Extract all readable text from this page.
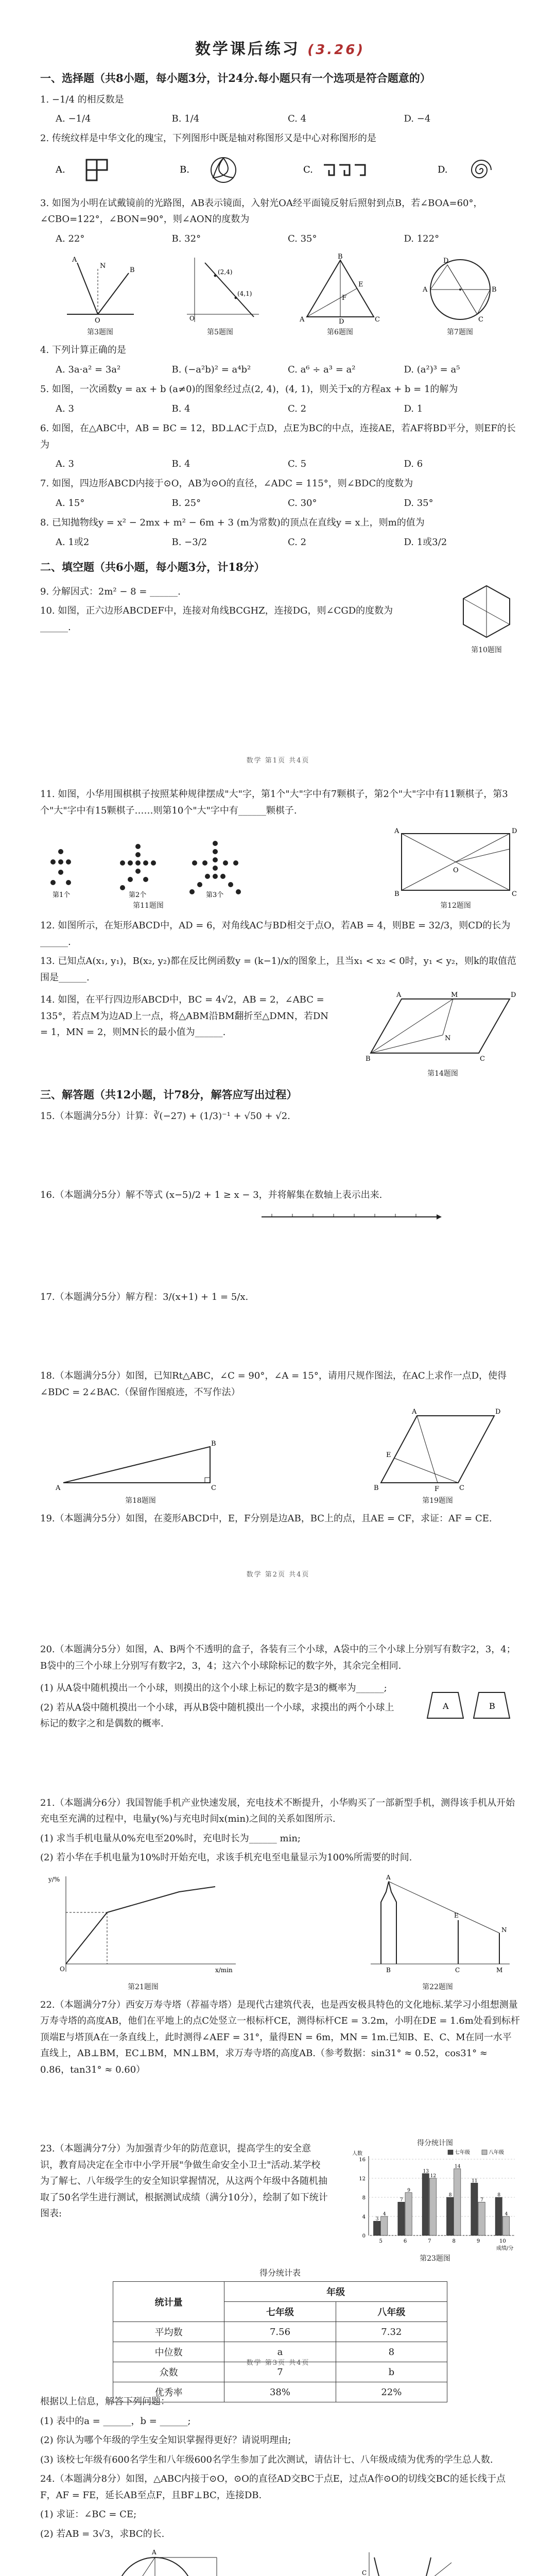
数学课后练习 (3.26)
一、选择题（共8小题，每小题3分，计24分.每小题只有一个选项是符合题意的）
1. −1/4 的相反数是
A. −1/4	B. 1/4	C. 4	D. −4
2. 传统纹样是中华文化的瑰宝，下列图形中既是轴对称图形又是中心对称图形的是
A.	B.	C.	D.
3. 如图为小明在试戴镜前的光路图，AB表示镜面，入射光OA经平面镜反射后照射到点B，若∠BOA=60°，∠CBO=122°，∠BON=90°，则∠AON的度数为
A. 22°	B. 32°	C. 35°	D. 122°
O
A
B
N
第3题图
(2,4)
(4,1)
O
第5题图
B
A	C
D
E
F
第6题图
A	B
D
C
第7题图
4. 下列计算正确的是
A. 3a·a² = 3a²	B. (−a²b)² = a⁴b²	C. a⁶ ÷ a³ = a²	D. (a²)³ = a⁵
5. 如图，一次函数y = ax + b (a≠0)的图象经过点(2, 4)，(4, 1)，则关于x的方程ax + b = 1的解为
A. 3	B. 4	C. 2	D. 1
6. 如图，在△ABC中，AB = BC = 12，BD⊥AC于点D，点E为BC的中点，连接AE，若AF将BD平分，则EF的长为
A. 3	B. 4	C. 5	D. 6
7. 如图，四边形ABCD内接于⊙O，AB为⊙O的直径，∠ADC = 115°，则∠BDC的度数为
A. 15°	B. 25°	C. 30°	D. 35°
8. 已知抛物线y = x² − 2mx + m² − 6m + 3 (m为常数)的顶点在直线y = x上，则m的值为
A. 1或2	B. −3/2	C. 2	D. 1或3/2
二、填空题（共6小题，每小题3分，计18分）
9. 分解因式：2m² − 8 = ______.
10. 如图，正六边形ABCDEF中，连接对角线BCGHZ，连接DG，则∠CGD的度数为______.
第10题图
数学 第1页 共4页
11. 如图，小华用围棋棋子按照某种规律摆成"大"字，第1个"大"字中有7颗棋子，第2个"大"字中有11颗棋子，第3个"大"字中有15颗棋子……则第10个"大"字中有______颗棋子.
第1个	第2个	第3个
第11题图
A	D
B	C
O
第12题图
12. 如图所示，在矩形ABCD中，AD = 6，对角线AC与BD相交于点O，若AB = 4，则BE = 32/3，则CD的长为______.
13. 已知点A(x₁, y₁)，B(x₂, y₂)都在反比例函数y = (k−1)/x的图象上，且当x₁ < x₂ < 0时，y₁ < y₂，则k的取值范围是______.
14. 如图，在平行四边形ABCD中，BC = 4√2，AB = 2，∠ABC = 135°，若点M为边AD上一点，将△ABM沿BM翻折至△DMN，若DN = 1，MN = 2，则MN长的最小值为______.
A	M	D
B	C
N
第14题图
三、解答题（共12小题，计78分，解答应写出过程）
15.（本题满分5分）计算：∛(−27) + (1/3)⁻¹ + √50 + √2.
16.（本题满分5分）解不等式 (x−5)/2 + 1 ≥ x − 3，并将解集在数轴上表示出来.
17.（本题满分5分）解方程：3/(x+1) + 1 = 5/x.
18.（本题满分5分）如图，已知Rt△ABC，∠C = 90°，∠A = 15°，请用尺规作图法，在AC上求作一点D，使得∠BDC = 2∠BAC.（保留作图痕迹，不写作法）
A	C
B
第18题图
A	D
B	C
E
F
第19题图
19.（本题满分5分）如图，在菱形ABCD中，E，F分别是边AB，BC上的点，且AE = CF，求证：AF = CE.
数学 第2页 共4页
20.（本题满分5分）如图，A、B两个不透明的盒子，各装有三个小球，A袋中的三个小球上分别写有数字2，3，4；B袋中的三个小球上分别写有数字2，3，4；这六个小球除标记的数字外，其余完全相同.
(1) 从A袋中随机摸出一个小球，则摸出的这个小球上标记的数字是3的概率为______;
(2) 若从A袋中随机摸出一个小球，再从B袋中随机摸出一个小球，求摸出的两个小球上标记的数字之和是偶数的概率.
A	B
21.（本题满分6分）我国智能手机产业快速发展，充电技术不断提升，小华购买了一部新型手机，测得该手机从开始充电至充满的过程中，电量y(%)与充电时间x(min)之间的关系如图所示.
(1) 求当手机电量从0%充电至20%时，充电时长为______ min;
(2) 若小华在手机电量为10%时开始充电，求该手机充电至电量显示为100%所需要的时间.
y/%
x/min
O
第21题图
A
B	C	M
E
N
第22题图
22.（本题满分7分）西安万寿寺塔（荐福寺塔）是现代古建筑代表，也是西安极具特色的文化地标.某学习小组想测量万寿寺塔的高度AB，他们在平地上的点C处竖立一根标杆CE，测得标杆CE = 3.2m，小明在DE = 1.6m处看到标杆顶端E与塔顶A在一条直线上，此时测得∠AEF = 31°，量得EN = 6m，MN = 1m.已知B、E、C、M在同一水平直线上，AB⊥BM，EC⊥BM，MN⊥BM，求万寿寺塔的高度AB.（参考数据：sin31° ≈ 0.52，cos31° ≈ 0.86，tan31° ≈ 0.60）
23.（本题满分7分）为加强青少年的防范意识，提高学生的安全意识，教育局决定在全市中小学开展"争做生命安全小卫士"活动.某学校为了解七、八年级学生的安全知识掌握情况，从这两个年级中各随机抽取了50名学生进行测试，根据测试成绩（满分10分），绘制了如下统计图表:
得分统计图
0
4
8
12
16
人数
成绩/分
5
3
4
6
7
9
7
13
12
8
8
14
9
11
7
10
8
4
七年级	八年级
第23题图
得分统计表
统计量	年级	
	七年级	八年级
平均数	7.56	7.32
中位数	a	8
众数	7	b
优秀率	38%	22%
数学 第3页 共4页
根据以上信息，解答下列问题：
(1) 表中的a = ______，b = ______;
(2) 你认为哪个年级的学生安全知识掌握得更好？请说明理由;
(3) 该校七年级有600名学生和八年级600名学生参加了此次测试，请估计七、八年级成绩为优秀的学生总人数.
24.（本题满分8分）如图，△ABC内接于⊙O，⊙O的直径AD交BC于点E，过点A作⊙O的切线交BC的延长线于点F，AF = FE，延长AB至点F，且BF⊥BC，连接DB.
(1) 求证：∠BC = CE;
(2) 若AB = 3√3，求BC的长.
A
C
